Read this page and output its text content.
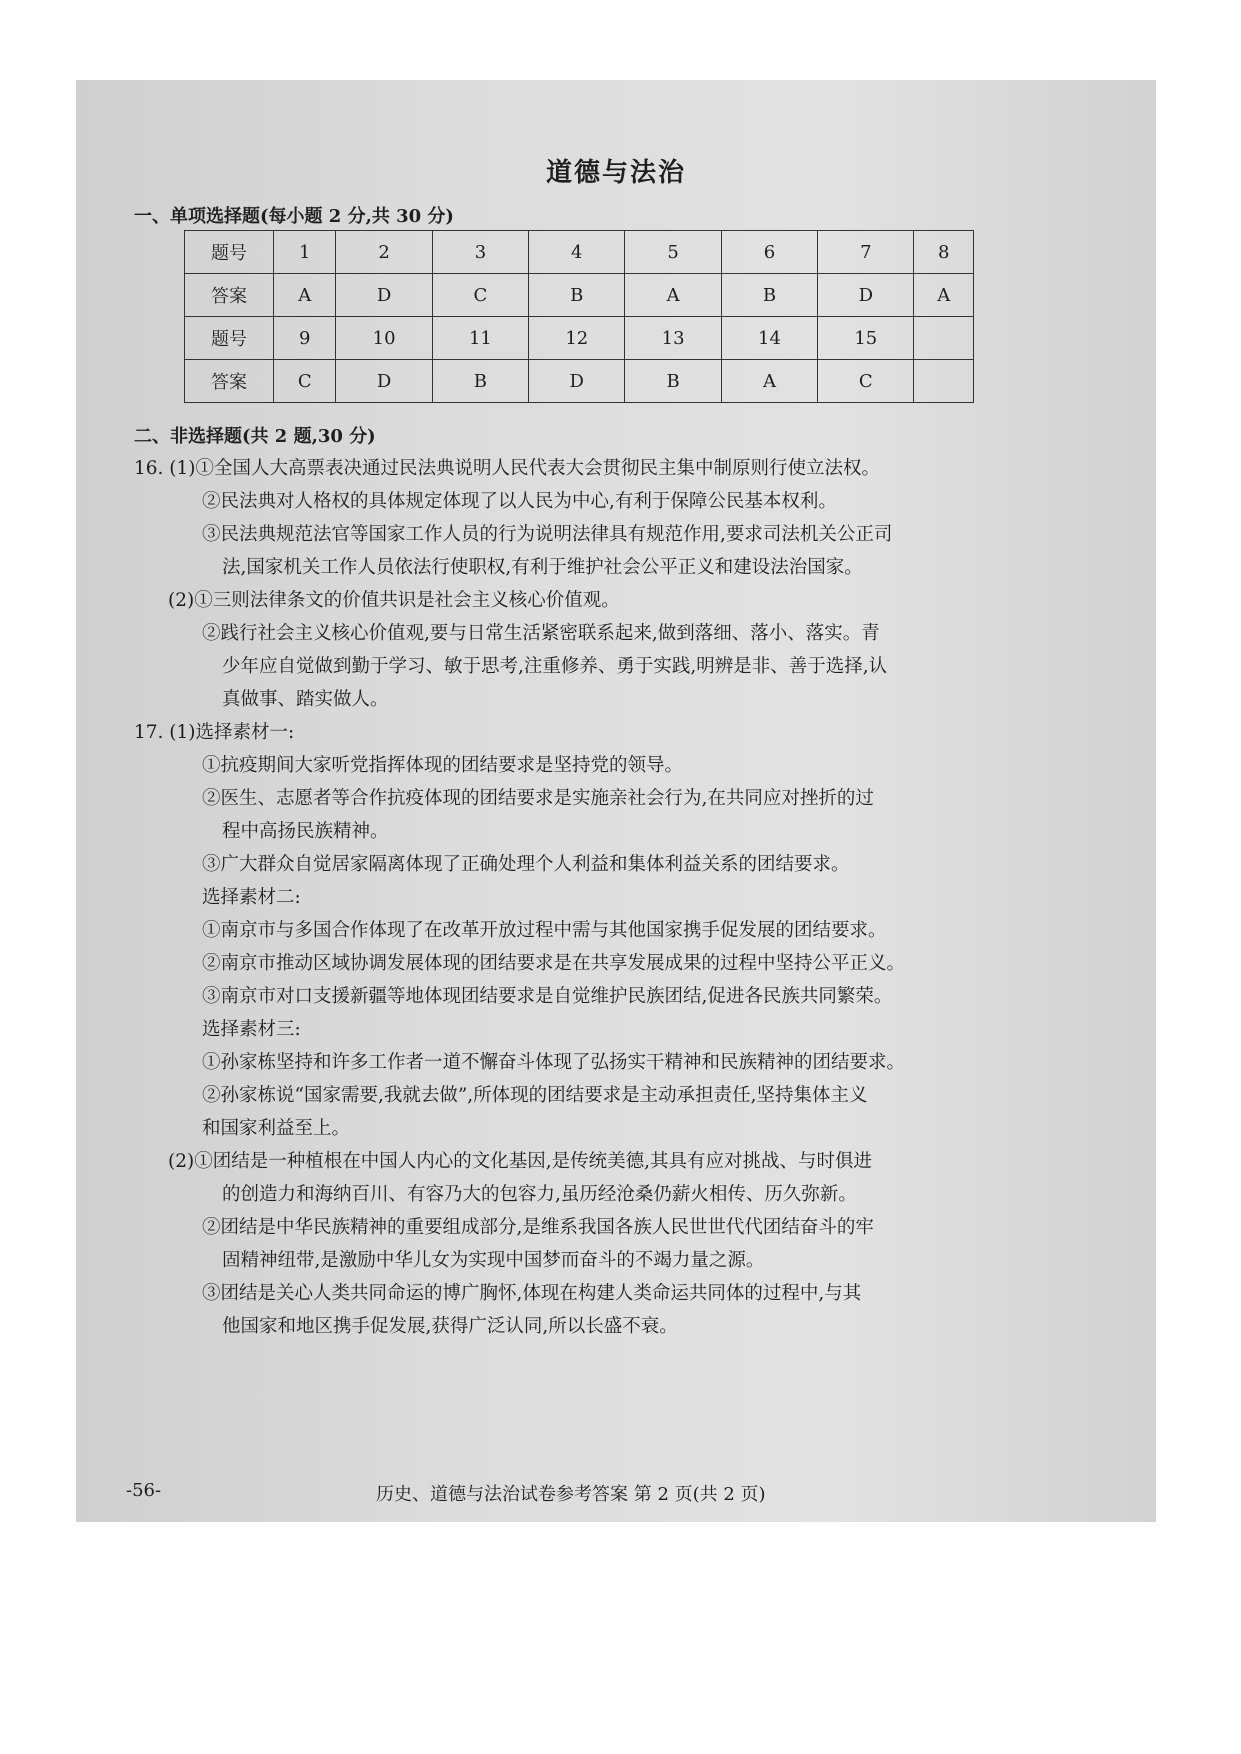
道德与法治
一、单项选择题(每小题 2 分,共 30 分)
题号	1	2	3	4	5	6	7	8
答案	A	D	C	B	A	B	D	A
题号	9	10	11	12	13	14	15	
答案	C	D	B	D	B	A	C	
二、非选择题(共 2 题,30 分)
16. (1)①全国人大高票表决通过民法典说明人民代表大会贯彻民主集中制原则行使立法权。
②民法典对人格权的具体规定体现了以人民为中心,有利于保障公民基本权利。
③民法典规范法官等国家工作人员的行为说明法律具有规范作用,要求司法机关公正司
法,国家机关工作人员依法行使职权,有利于维护社会公平正义和建设法治国家。
(2)①三则法律条文的价值共识是社会主义核心价值观。
②践行社会主义核心价值观,要与日常生活紧密联系起来,做到落细、落小、落实。青
少年应自觉做到勤于学习、敏于思考,注重修养、勇于实践,明辨是非、善于选择,认
真做事、踏实做人。
17. (1)选择素材一:
①抗疫期间大家听党指挥体现的团结要求是坚持党的领导。
②医生、志愿者等合作抗疫体现的团结要求是实施亲社会行为,在共同应对挫折的过
程中高扬民族精神。
③广大群众自觉居家隔离体现了正确处理个人利益和集体利益关系的团结要求。
选择素材二:
①南京市与多国合作体现了在改革开放过程中需与其他国家携手促发展的团结要求。
②南京市推动区域协调发展体现的团结要求是在共享发展成果的过程中坚持公平正义。
③南京市对口支援新疆等地体现团结要求是自觉维护民族团结,促进各民族共同繁荣。
选择素材三:
①孙家栋坚持和许多工作者一道不懈奋斗体现了弘扬实干精神和民族精神的团结要求。
②孙家栋说“国家需要,我就去做”,所体现的团结要求是主动承担责任,坚持集体主义
和国家利益至上。
(2)①团结是一种植根在中国人内心的文化基因,是传统美德,其具有应对挑战、与时俱进
的创造力和海纳百川、有容乃大的包容力,虽历经沧桑仍薪火相传、历久弥新。
②团结是中华民族精神的重要组成部分,是维系我国各族人民世世代代团结奋斗的牢
固精神纽带,是激励中华儿女为实现中国梦而奋斗的不竭力量之源。
③团结是关心人类共同命运的博广胸怀,体现在构建人类命运共同体的过程中,与其
他国家和地区携手促发展,获得广泛认同,所以长盛不衰。
-56-	历史、道德与法治试卷参考答案 第 2 页(共 2 页)
